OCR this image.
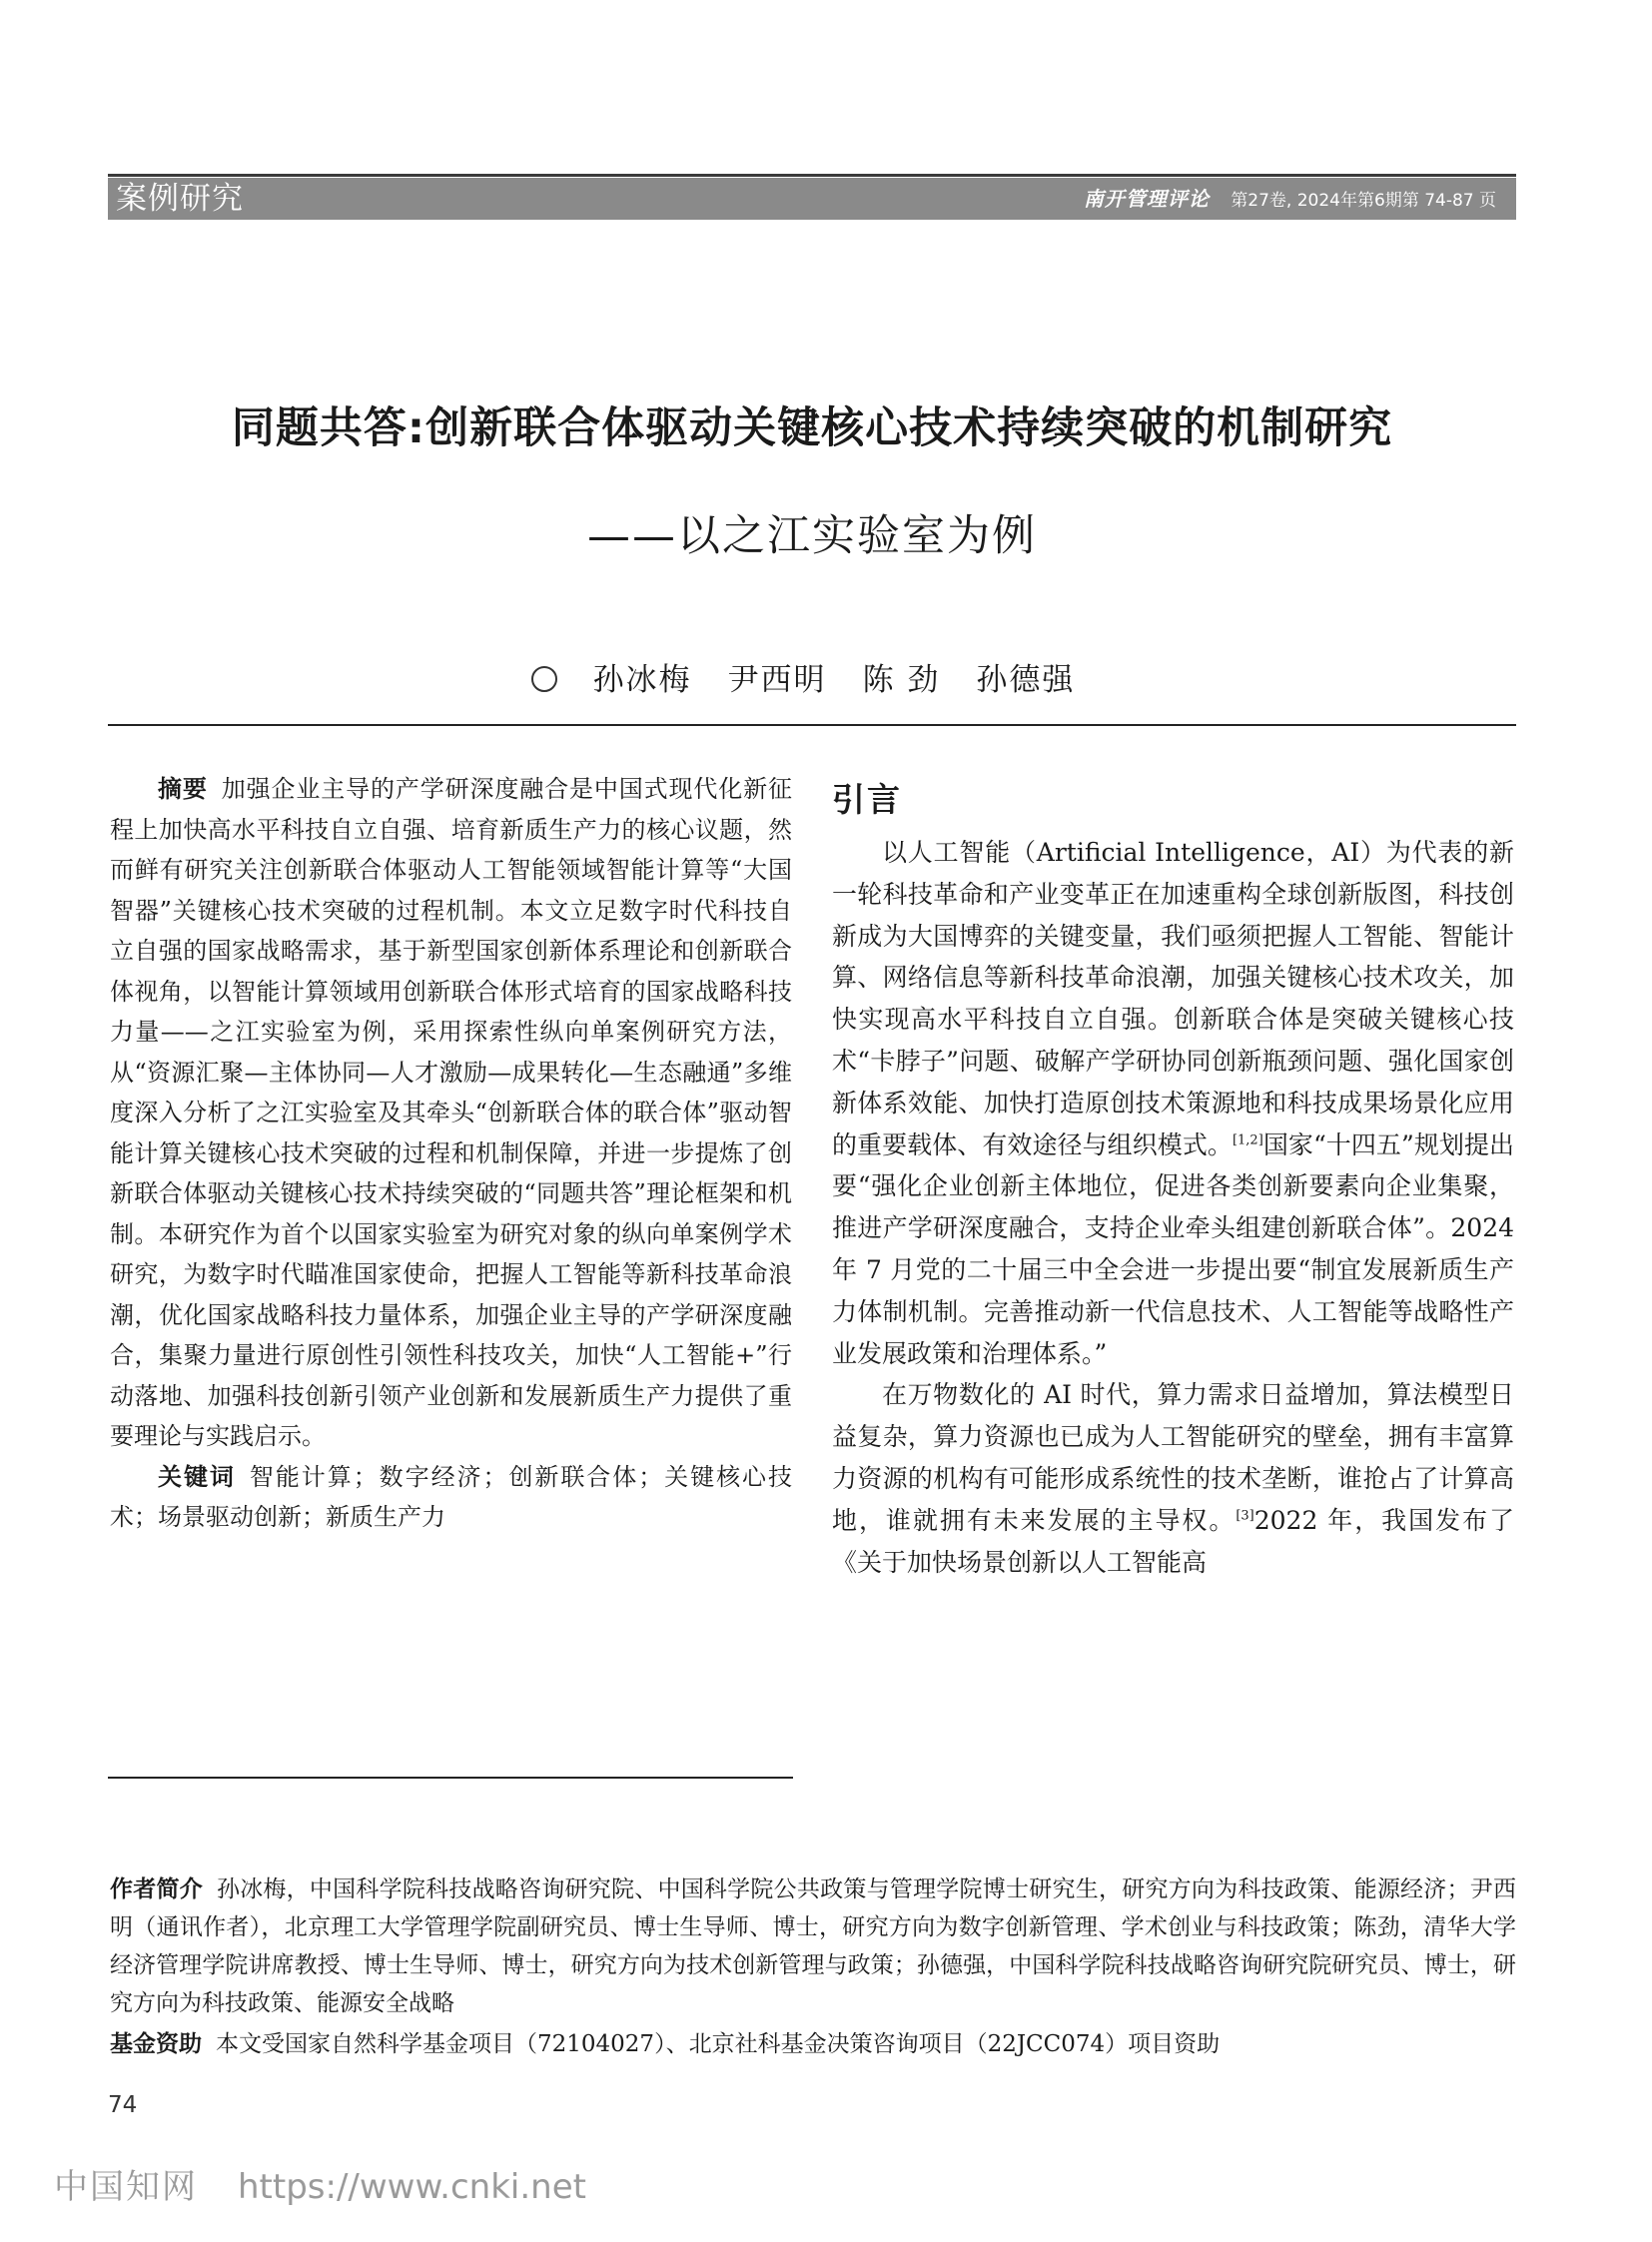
案例研究	南开管理评论 第27卷, 2024年第6期第 74-87 页
同题共答:创新联合体驱动关键核心技术持续突破的机制研究
——以之江实验室为例
孙冰梅 尹西明 陈 劲 孙德强

摘要 加强企业主导的产学研深度融合是中国式现代化新征程上加快高水平科技自立自强、培育新质生产力的核心议题，然而鲜有研究关注创新联合体驱动人工智能领域智能计算等“大国智器”关键核心技术突破的过程机制。本文立足数字时代科技自立自强的国家战略需求，基于新型国家创新体系理论和创新联合体视角，以智能计算领域用创新联合体形式培育的国家战略科技力量——之江实验室为例，采用探索性纵向单案例研究方法，从“资源汇聚—主体协同—人才激励—成果转化—生态融通”多维度深入分析了之江实验室及其牵头“创新联合体的联合体”驱动智能计算关键核心技术突破的过程和机制保障，并进一步提炼了创新联合体驱动关键核心技术持续突破的“同题共答”理论框架和机制。本研究作为首个以国家实验室为研究对象的纵向单案例学术研究，为数字时代瞄准国家使命，把握人工智能等新科技革命浪潮，优化国家战略科技力量体系，加强企业主导的产学研深度融合，集聚力量进行原创性引领性科技攻关，加快“人工智能+”行动落地、加强科技创新引领产业创新和发展新质生产力提供了重要理论与实践启示。

关键词 智能计算；数字经济；创新联合体；关键核心技术；场景驱动创新；新质生产力

引言

以人工智能（Artificial Intelligence，AI）为代表的新一轮科技革命和产业变革正在加速重构全球创新版图，科技创新成为大国博弈的关键变量，我们亟须把握人工智能、智能计算、网络信息等新科技革命浪潮，加强关键核心技术攻关，加快实现高水平科技自立自强。创新联合体是突破关键核心技术“卡脖子”问题、破解产学研协同创新瓶颈问题、强化国家创新体系效能、加快打造原创技术策源地和科技成果场景化应用的重要载体、有效途径与组织模式。[1,2]国家“十四五”规划提出要“强化企业创新主体地位，促进各类创新要素向企业集聚，推进产学研深度融合，支持企业牵头组建创新联合体”。2024 年 7 月党的二十届三中全会进一步提出要“制宜发展新质生产力体制机制。完善推动新一代信息技术、人工智能等战略性产业发展政策和治理体系。”

在万物数化的 AI 时代，算力需求日益增加，算法模型日益复杂，算力资源也已成为人工智能研究的壁垒，拥有丰富算力资源的机构有可能形成系统性的技术垄断，谁抢占了计算高地，谁就拥有未来发展的主导权。[3]2022 年，我国发布了《关于加快场景创新以人工智能高

作者简介 孙冰梅，中国科学院科技战略咨询研究院、中国科学院公共政策与管理学院博士研究生，研究方向为科技政策、能源经济；尹西明（通讯作者），北京理工大学管理学院副研究员、博士生导师、博士，研究方向为数字创新管理、学术创业与科技政策；陈劲，清华大学经济管理学院讲席教授、博士生导师、博士，研究方向为技术创新管理与政策；孙德强，中国科学院科技战略咨询研究院研究员、博士，研究方向为科技政策、能源安全战略
基金资助 本文受国家自然科学基金项目（72104027）、北京社科基金决策咨询项目（22JCC074）项目资助
74
中国知网 https://www.cnki.net
